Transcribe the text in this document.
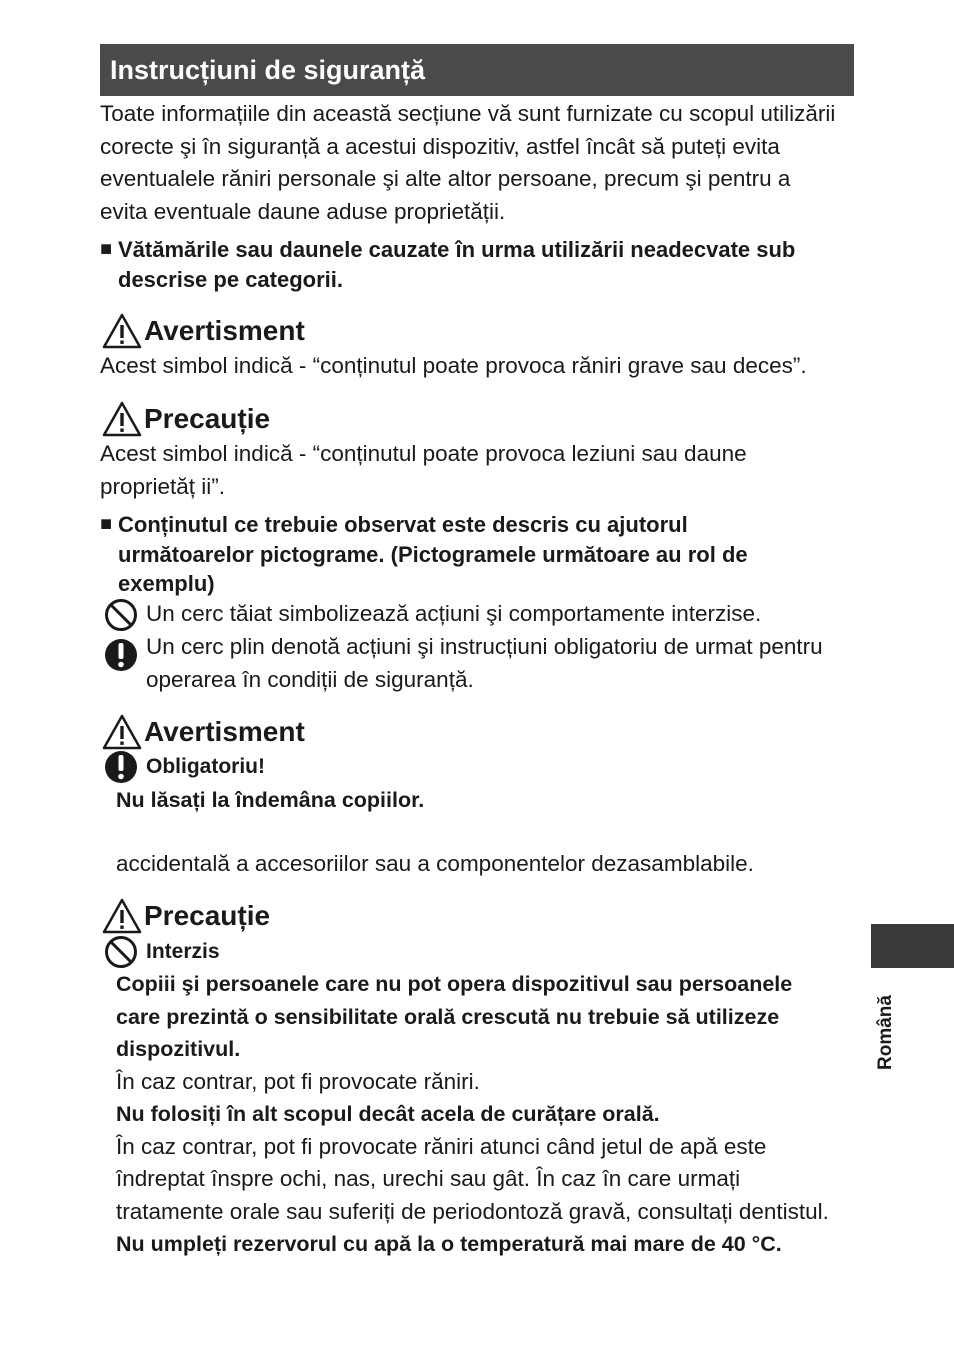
Instrucțiuni de siguranță
Toate informațiile din această secțiune vă sunt furnizate cu scopul utilizării
corecte şi în siguranță a acestui dispozitiv, astfel încât să puteți evita
eventualele răniri personale şi alte altor persoane, precum şi pentru a
evita eventuale daune aduse proprietății.
■ Vătămările sau daunele cauzate în urma utilizării neadecvate sub
descrise pe categorii.
Avertisment
Acest simbol indică - “conținutul poate provoca răniri grave sau deces”.
Precauție
Acest simbol indică - “conținutul poate provoca leziuni sau daune
proprietăț ii”.
■ Conținutul ce trebuie observat este descris cu ajutorul
următoarelor pictograme. (Pictogramele următoare au rol de
exemplu)
Un cerc tăiat simbolizează acțiuni şi comportamente interzise.
Un cerc plin denotă acțiuni şi instrucțiuni obligatoriu de urmat pentru
operarea în condiții de siguranță.
Avertisment
Obligatoriu!
Nu lăsați la îndemâna copiilor.
accidentală a accesoriilor sau a componentelor dezasamblabile.
Precauție
Interzis
Copiii şi persoanele care nu pot opera dispozitivul sau persoanele
care prezintă o sensibilitate orală crescută nu trebuie să utilizeze
dispozitivul.
În caz contrar, pot fi provocate răniri.
Nu folosiți în alt scopul decât acela de curățare orală.
În caz contrar, pot fi provocate răniri atunci când jetul de apă este
îndreptat înspre ochi, nas, urechi sau gât. În caz în care urmați
tratamente orale sau suferiți de periodontoză gravă, consultați dentistul.
Nu umpleți rezervorul cu apă la o temperatură mai mare de 40 °C.
Română
